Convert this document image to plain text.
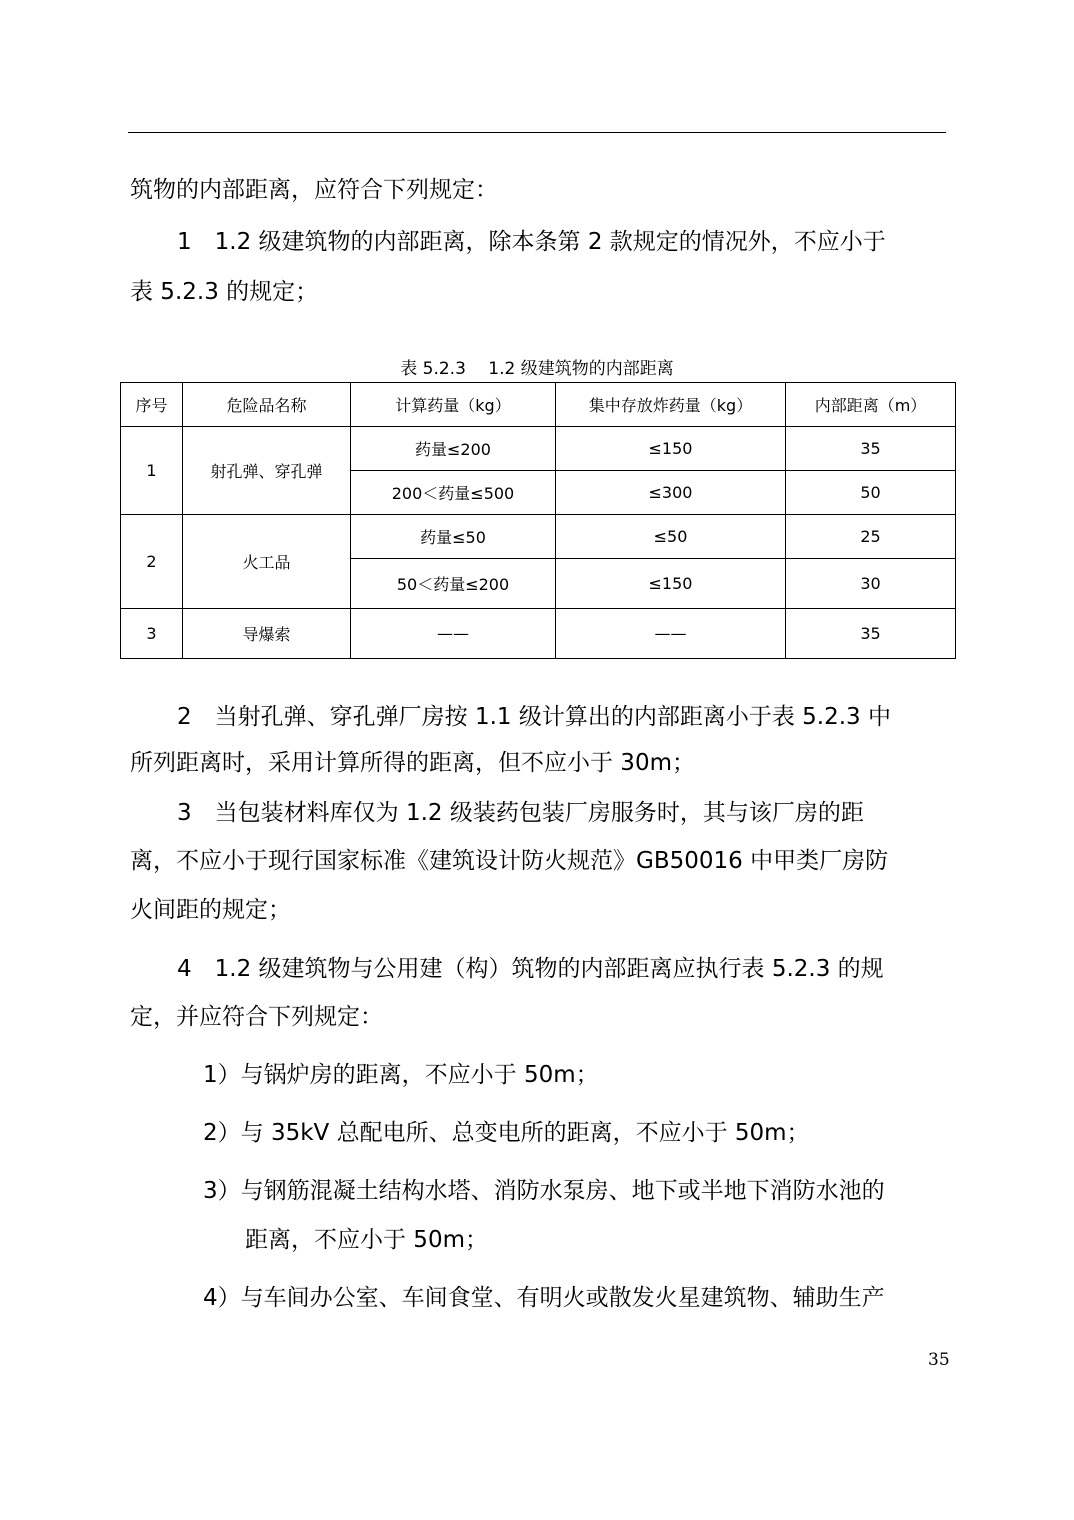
筑物的内部距离，应符合下列规定：
　1　1.2 级建筑物的内部距离，除本条第 2 款规定的情况外，不应小于
表 5.2.3 的规定；
表 5.2.3　 1.2 级建筑物的内部距离
序号	危险品名称	计算药量（kg）	集中存放炸药量（kg）	内部距离（m）
1	射孔弹、穿孔弹	药量≤200	≤150	35
		200＜药量≤500	≤300	50
2	火工品	药量≤50	≤50	25
		50＜药量≤200	≤150	30
3	导爆索	——	——	35
　2　当射孔弹、穿孔弹厂房按 1.1 级计算出的内部距离小于表 5.2.3 中
所列距离时，采用计算所得的距离，但不应小于 30m；
　3　当包装材料库仅为 1.2 级装药包装厂房服务时，其与该厂房的距
离，不应小于现行国家标准《建筑设计防火规范》GB50016 中甲类厂房防
火间距的规定；
　4　1.2 级建筑物与公用建（构）筑物的内部距离应执行表 5.2.3 的规
定，并应符合下列规定：
1）与锅炉房的距离，不应小于 50m；
2）与 35kV 总配电所、总变电所的距离，不应小于 50m；
3）与钢筋混凝土结构水塔、消防水泵房、地下或半地下消防水池的
距离，不应小于 50m；
4）与车间办公室、车间食堂、有明火或散发火星建筑物、辅助生产
35
